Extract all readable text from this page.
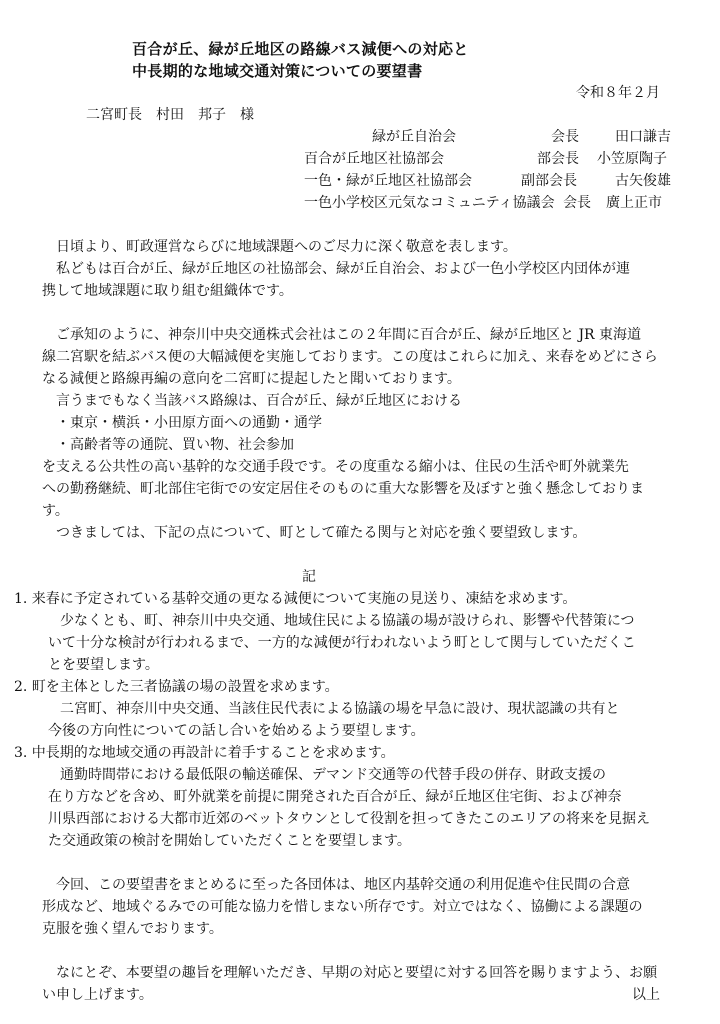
百合が丘、緑が丘地区の路線バス減便への対応と
中長期的な地域交通対策についての要望書
令和８年２月
二宮町長　村田　邦子　様
緑が丘自治会	会長	田口謙吉
百合が丘地区社協部会	部会長 小笠原陶子
一色・緑が丘地区社協部会	副部会長	古矢俊雄
一色小学校区元気なコミュニティ協議会 会長 廣上正市
日頃より、町政運営ならびに地域課題へのご尽力に深く敬意を表します。
私どもは百合が丘、緑が丘地区の社協部会、緑が丘自治会、および一色小学校区内団体が連
携して地域課題に取り組む組織体です。
ご承知のように、神奈川中央交通株式会社はこの２年間に百合が丘、緑が丘地区と JR 東海道
線二宮駅を結ぶバス便の大幅減便を実施しております。この度はこれらに加え、来春をめどにさら
なる減便と路線再編の意向を二宮町に提起したと聞いております。
言うまでもなく当該バス路線は、百合が丘、緑が丘地区における
・東京・横浜・小田原方面への通勤・通学
・高齢者等の通院、買い物、社会参加
を支える公共性の高い基幹的な交通手段です。その度重なる縮小は、住民の生活や町外就業先
への勤務継続、町北部住宅街での安定居住そのものに重大な影響を及ぼすと強く懸念しておりま
す。
つきましては、下記の点について、町として確たる関与と対応を強く要望致します。
記
1. 来春に予定されている基幹交通の更なる減便について実施の見送り、凍結を求めます。
少なくとも、町、神奈川中央交通、地域住民による協議の場が設けられ、影響や代替策につ
いて十分な検討が行われるまで、一方的な減便が行われないよう町として関与していただくこ
とを要望します。
2. 町を主体とした三者協議の場の設置を求めます。
二宮町、神奈川中央交通、当該住民代表による協議の場を早急に設け、現状認識の共有と
今後の方向性についての話し合いを始めるよう要望します。
3. 中長期的な地域交通の再設計に着手することを求めます。
通勤時間帯における最低限の輸送確保、デマンド交通等の代替手段の併存、財政支援の
在り方などを含め、町外就業を前提に開発された百合が丘、緑が丘地区住宅街、および神奈
川県西部における大都市近郊のベットタウンとして役割を担ってきたこのエリアの将来を見据え
た交通政策の検討を開始していただくことを要望します。
今回、この要望書をまとめるに至った各団体は、地区内基幹交通の利用促進や住民間の合意
形成など、地域ぐるみでの可能な協力を惜しまない所存です。対立ではなく、協働による課題の
克服を強く望んでおります。
なにとぞ、本要望の趣旨を理解いただき、早期の対応と要望に対する回答を賜りますよう、お願
い申し上げます。	以上
